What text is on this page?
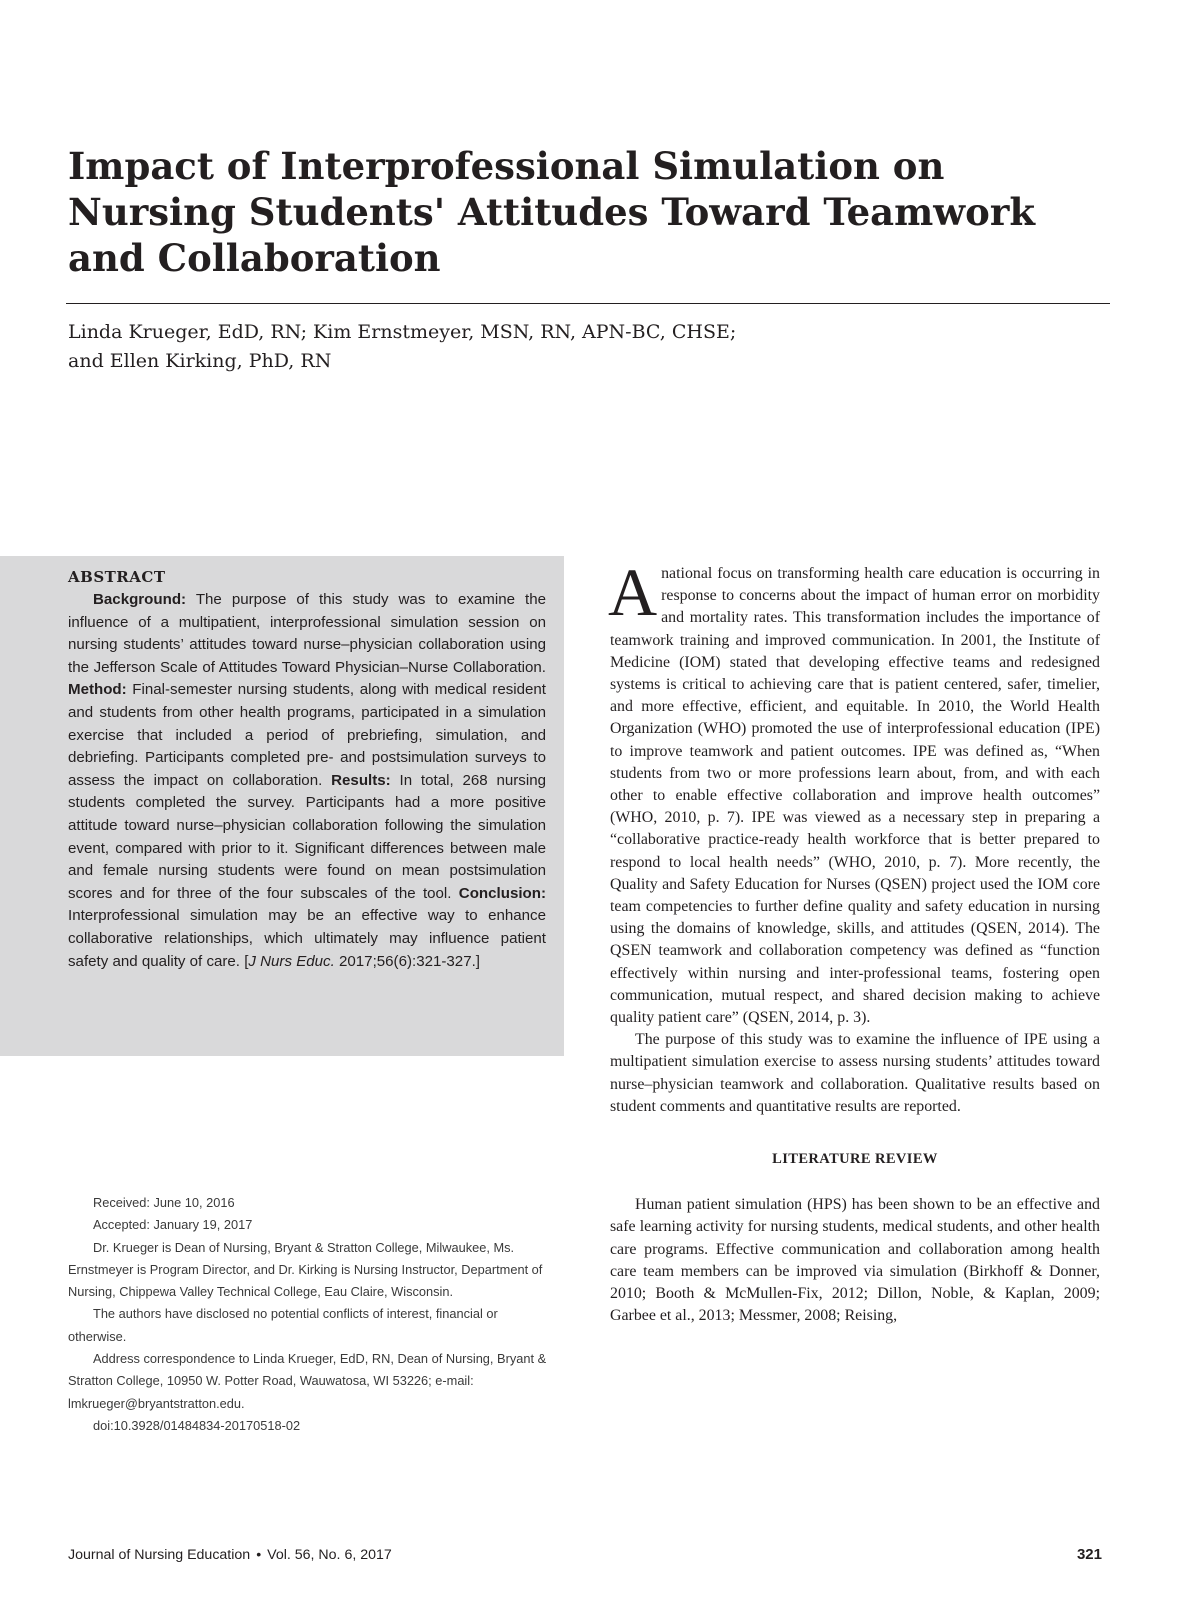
Impact of Interprofessional Simulation on Nursing Students' Attitudes Toward Teamwork and Collaboration
Linda Krueger, EdD, RN; Kim Ernstmeyer, MSN, RN, APN-BC, CHSE;
and Ellen Kirking, PhD, RN
ABSTRACT

Background: The purpose of this study was to examine the influence of a multipatient, interprofessional simulation session on nursing students’ attitudes toward nurse–physician collaboration using the Jefferson Scale of Attitudes Toward Physician–Nurse Collaboration. Method: Final-semester nursing students, along with medical resident and students from other health programs, participated in a simulation exercise that included a period of prebriefing, simulation, and debriefing. Participants completed pre- and postsimulation surveys to assess the impact on collaboration. Results: In total, 268 nursing students completed the survey. Participants had a more positive attitude toward nurse–physician collaboration following the simulation event, compared with prior to it. Significant differences between male and female nursing students were found on mean postsimulation scores and for three of the four subscales of the tool. Conclusion: Interprofessional simulation may be an effective way to enhance collaborative relationships, which ultimately may influence patient safety and quality of care. [J Nurs Educ. 2017;56(6):321-327.]

Received: June 10, 2016

Accepted: January 19, 2017

Dr. Krueger is Dean of Nursing, Bryant & Stratton College, Milwaukee, Ms. Ernstmeyer is Program Director, and Dr. Kirking is Nursing Instructor, Department of Nursing, Chippewa Valley Technical College, Eau Claire, Wisconsin.

The authors have disclosed no potential conflicts of interest, financial or otherwise.

Address correspondence to Linda Krueger, EdD, RN, Dean of Nursing, Bryant & Stratton College, 10950 W. Potter Road, Wauwatosa, WI 53226; e-mail: lmkrueger@bryantstratton.edu.

doi:10.3928/01484834-20170518-02

A national focus on transforming health care education is occurring in response to concerns about the impact of human error on morbidity and mortality rates. This transformation includes the importance of teamwork training and improved communication. In 2001, the Institute of Medicine (IOM) stated that developing effective teams and redesigned systems is critical to achieving care that is patient centered, safer, timelier, and more effective, efficient, and equitable. In 2010, the World Health Organization (WHO) promoted the use of interprofessional education (IPE) to improve teamwork and patient outcomes. IPE was defined as, “When students from two or more professions learn about, from, and with each other to enable effective collaboration and improve health outcomes” (WHO, 2010, p. 7). IPE was viewed as a necessary step in preparing a “collaborative practice-ready health workforce that is better prepared to respond to local health needs” (WHO, 2010, p. 7). More recently, the Quality and Safety Education for Nurses (QSEN) project used the IOM core team competencies to further define quality and safety education in nursing using the domains of knowledge, skills, and attitudes (QSEN, 2014). The QSEN teamwork and collaboration competency was defined as “function effectively within nursing and inter-professional teams, fostering open communication, mutual respect, and shared decision making to achieve quality patient care” (QSEN, 2014, p. 3).

The purpose of this study was to examine the influence of IPE using a multipatient simulation exercise to assess nursing students’ attitudes toward nurse–physician teamwork and collaboration. Qualitative results based on student comments and quantitative results are reported.

LITERATURE REVIEW

Human patient simulation (HPS) has been shown to be an effective and safe learning activity for nursing students, medical students, and other health care programs. Effective communication and collaboration among health care team members can be improved via simulation (Birkhoff & Donner, 2010; Booth & McMullen-Fix, 2012; Dillon, Noble, & Kaplan, 2009; Garbee et al., 2013; Messmer, 2008; Reising,

Journal of Nursing Education • Vol. 56, No. 6, 2017	321
